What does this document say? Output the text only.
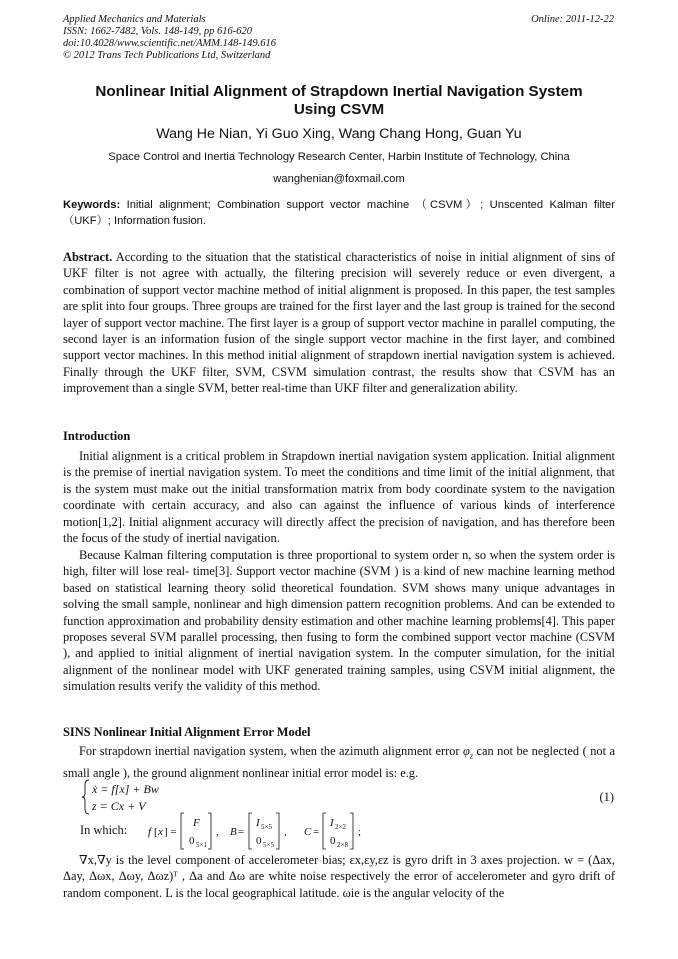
Applied Mechanics and Materials
ISSN: 1662-7482, Vols. 148-149, pp 616-620
doi:10.4028/www.scientific.net/AMM.148-149.616
© 2012 Trans Tech Publications Ltd, Switzerland
Online: 2011-12-22
Nonlinear Initial Alignment of Strapdown Inertial Navigation System
Using CSVM
Wang He Nian, Yi Guo Xing, Wang Chang Hong, Guan Yu
Space Control and Inertia Technology Research Center, Harbin Institute of Technology, China
wanghenian@foxmail.com
Keywords: Initial alignment; Combination support vector machine （CSVM）; Unscented Kalman filter（UKF）; Information fusion.
Abstract. According to the situation that the statistical characteristics of noise in initial alignment of sins of UKF filter is not agree with actually, the filtering precision will severely reduce or even divergent, a combination of support vector machine method of initial alignment is proposed. In this paper, the test samples are split into four groups. Three groups are trained for the first layer and the last group is trained for the second layer of support vector machine. The first layer is a group of support vector machine in parallel computing, the second layer is an information fusion of the single support vector machine in the first layer, and combined support vector machines. In this method initial alignment of strapdown inertial navigation system is achieved. Finally through the UKF filter, SVM, CSVM simulation contrast, the results show that CSVM has an improvement than a single SVM, better real-time than UKF filter and generalization ability.
Introduction
Initial alignment is a critical problem in Strapdown inertial navigation system application. Initial alignment is the premise of inertial navigation system. To meet the conditions and time limit of the initial alignment, that is the system must make out the initial transformation matrix from body coordinate system to the navigation coordinate with certain accuracy, and also can against the influence of various kinds of interference motion[1,2]. Initial alignment accuracy will directly affect the precision of navigation, and has therefore been the focus of the study of inertial navigation.
Because Kalman filtering computation is three proportional to system order n, so when the system order is high, filter will lose real- time[3]. Support vector machine (SVM ) is a kind of new machine learning method based on statistical learning theory solid theoretical foundation. SVM shows many unique advantages in solving the small sample, nonlinear and high dimension pattern recognition problems. And can be extended to function approximation and probability density estimation and other machine learning problems[4]. This paper proposes several SVM parallel processing, then fusing to form the combined support vector machine (CSVM ), and applied to initial alignment of inertial navigation system. In the computer simulation, for the initial alignment of the nonlinear model with UKF generated training samples, using CSVM initial alignment, the simulation results verify the validity of this method.
SINS Nonlinear Initial Alignment Error Model
For strapdown inertial navigation system, when the azimuth alignment error $\varphi_z$ can not be neglected ( not a small angle ), the ground alignment nonlinear initial error model is: e.g.
ẋ = f[x] + Bw
z = Cx + V
(1)
In which: f [ x ] =
F
0 5×1
, B =
I 5×5
0 5×5
, C =
I 2×2
0 2×8
;
∇x,∇y is the level component of accelerometer bias; εx,εy,εz is gyro drift in 3 axes projection. w = (Δax, Δay, Δωx, Δωy, Δωz)ᵀ , Δa and Δω are white noise respectively the error of accelerometer and gyro drift of random component. L is the local geographical latitude. ωie is the angular velocity of the
